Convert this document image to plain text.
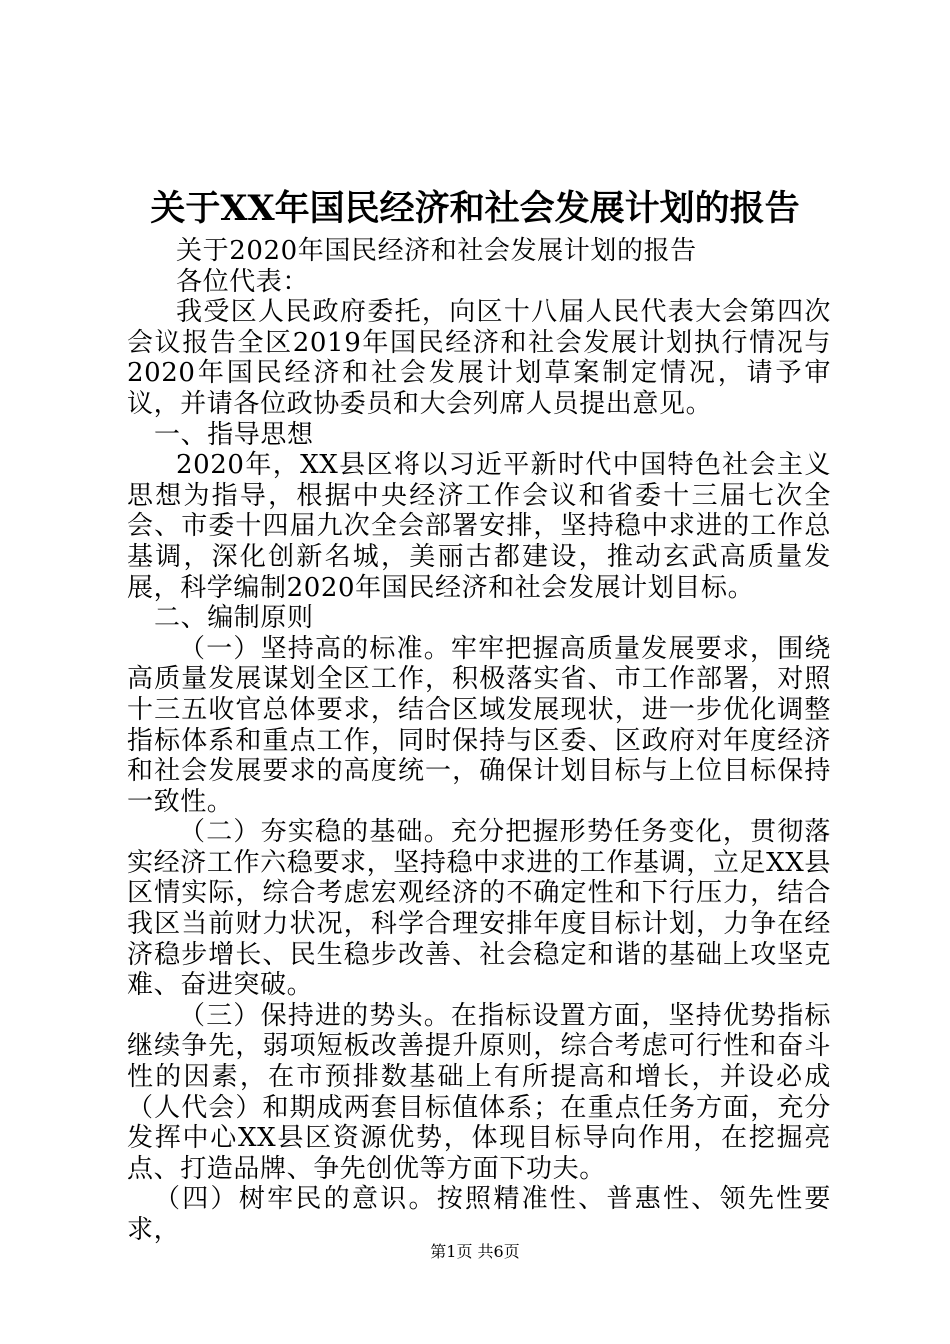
关于XX年国民经济和社会发展计划的报告

关于2020年国民经济和社会发展计划的报告

各位代表：

我受区人民政府委托，向区十八届人民代表大会第四次会议报告全区2019年国民经济和社会发展计划执行情况与2020年国民经济和社会发展计划草案制定情况，请予审议，并请各位政协委员和大会列席人员提出意见。

一、指导思想

2020年，XX县区将以习近平新时代中国特色社会主义思想为指导，根据中央经济工作会议和省委十三届七次全会、市委十四届九次全会部署安排，坚持稳中求进的工作总基调，深化创新名城，美丽古都建设，推动玄武高质量发展，科学编制2020年国民经济和社会发展计划目标。

二、编制原则

（一）坚持高的标准。牢牢把握高质量发展要求，围绕高质量发展谋划全区工作，积极落实省、市工作部署，对照十三五收官总体要求，结合区域发展现状，进一步优化调整指标体系和重点工作，同时保持与区委、区政府对年度经济和社会发展要求的高度统一，确保计划目标与上位目标保持一致性。

（二）夯实稳的基础。充分把握形势任务变化，贯彻落实经济工作六稳要求，坚持稳中求进的工作基调，立足XX县区情实际，综合考虑宏观经济的不确定性和下行压力，结合我区当前财力状况，科学合理安排年度目标计划，力争在经济稳步增长、民生稳步改善、社会稳定和谐的基础上攻坚克难、奋进突破。

（三）保持进的势头。在指标设置方面，坚持优势指标继续争先，弱项短板改善提升原则，综合考虑可行性和奋斗性的因素，在市预排数基础上有所提高和增长，并设必成（人代会）和期成两套目标值体系；在重点任务方面，充分发挥中心XX县区资源优势，体现目标导向作用，在挖掘亮点、打造品牌、争先创优等方面下功夫。

（四）树牢民的意识。按照精准性、普惠性、领先性要求，

第1页 共6页
